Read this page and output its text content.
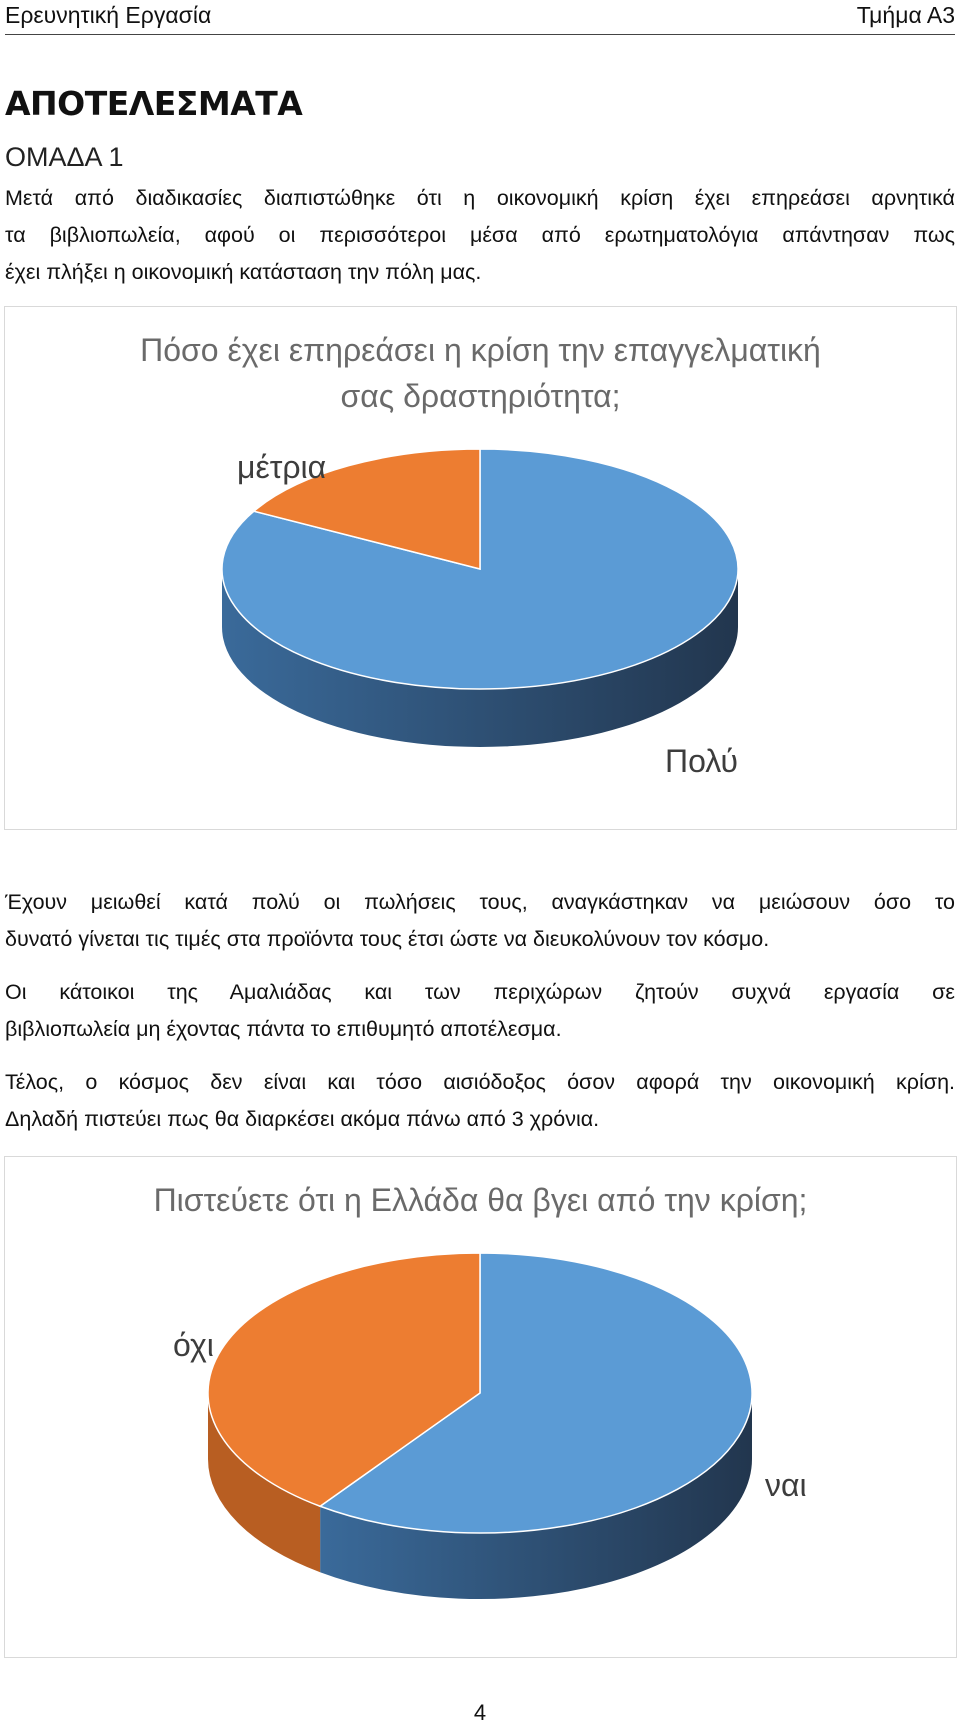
Ερευνητική Εργασία	Τμήμα Α3
ΑΠΟΤΕΛΕΣΜΑΤΑ
ΟΜΑΔΑ 1
Μετά από διαδικασίες διαπιστώθηκε ότι η οικονομική κρίση έχει επηρεάσει αρνητικά
τα βιβλιοπωλεία, αφού οι περισσότεροι μέσα από ερωτηματολόγια απάντησαν πως
έχει πλήξει η οικονομική κατάσταση την πόλη μας.
Πόσο έχει επηρεάσει η κρίση την επαγγελματική
σας δραστηριότητα;
μέτρια
Πολύ
Έχουν μειωθεί κατά πολύ οι πωλήσεις τους, αναγκάστηκαν να μειώσουν όσο το
δυνατό γίνεται τις τιμές στα προϊόντα τους έτσι ώστε να διευκολύνουν τον κόσμο.
Οι κάτοικοι της Αμαλιάδας και των περιχώρων ζητούν συχνά εργασία σε
βιβλιοπωλεία μη έχοντας πάντα το επιθυμητό αποτέλεσμα.
Τέλος, ο κόσμος δεν είναι και τόσο αισιόδοξος όσον αφορά την οικονομική κρίση.
Δηλαδή πιστεύει πως θα διαρκέσει ακόμα πάνω από 3 χρόνια.
Πιστεύετε ότι η Ελλάδα θα βγει από την κρίση;
όχι
ναι
4
